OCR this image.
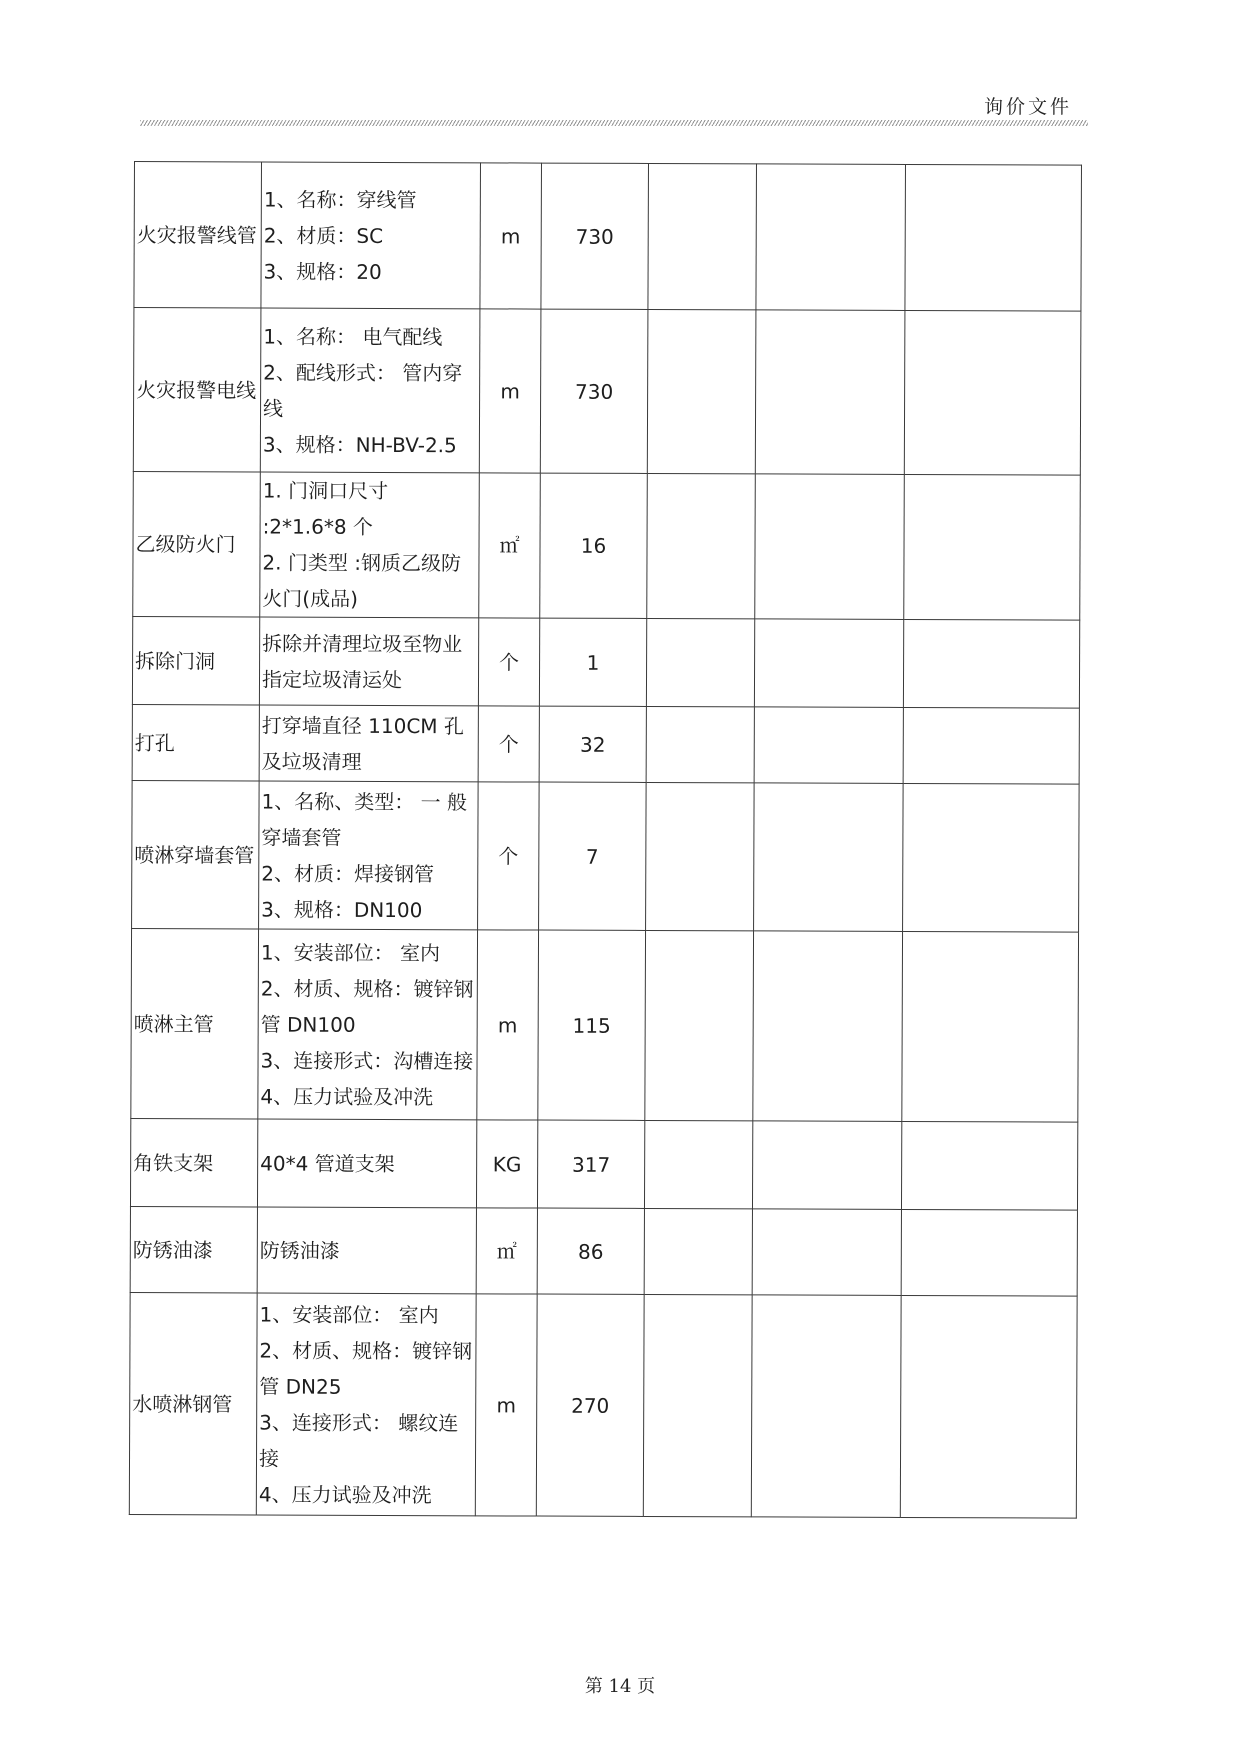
询价文件
火灾报警线管	1、名称：穿线管
2、材质：SC
3、规格：20	m	730			
火灾报警电线	1、名称： 电气配线
2、配线形式： 管内穿线
3、规格：NH-BV-2.5	m	730			
乙级防火门	1. 门洞口尺寸 :2*1.6*8 个
2. 门类型 :钢质乙级防火门(成品)	㎡	16			
拆除门洞	拆除并清理垃圾至物业指定垃圾清运处	个	1			
打孔	打穿墙直径 110CM 孔及垃圾清理	个	32			
喷淋穿墙套管	1、名称、类型： 一 般穿墙套管
2、材质：焊接钢管
3、规格：DN100	个	7			
喷淋主管	1、安装部位： 室内
2、材质、规格：镀锌钢管 DN100
3、连接形式：沟槽连接
4、压力试验及冲洗	m	115			
角铁支架	40*4 管道支架	KG	317			
防锈油漆	防锈油漆	㎡	86			
水喷淋钢管	1、安装部位： 室内
2、材质、规格：镀锌钢管 DN25
3、连接形式： 螺纹连接
4、压力试验及冲洗	m	270			
第 14 页
